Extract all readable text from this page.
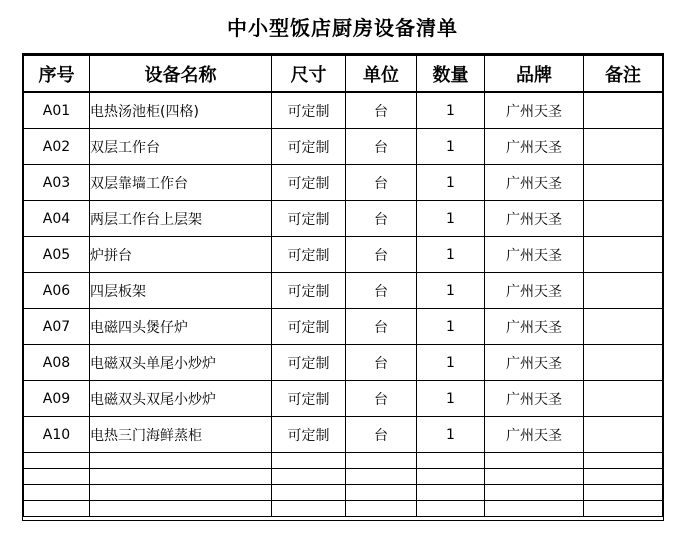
中小型饭店厨房设备清单
序号	设备名称	尺寸	单位	数量	品牌	备注
A01	电热汤池柜(四格)	可定制	台	1	广州天圣	
A02	双层工作台	可定制	台	1	广州天圣	
A03	双层靠墙工作台	可定制	台	1	广州天圣	
A04	两层工作台上层架	可定制	台	1	广州天圣	
A05	炉拼台	可定制	台	1	广州天圣	
A06	四层板架	可定制	台	1	广州天圣	
A07	电磁四头煲仔炉	可定制	台	1	广州天圣	
A08	电磁双头单尾小炒炉	可定制	台	1	广州天圣	
A09	电磁双头双尾小炒炉	可定制	台	1	广州天圣	
A10	电热三门海鲜蒸柜	可定制	台	1	广州天圣	
